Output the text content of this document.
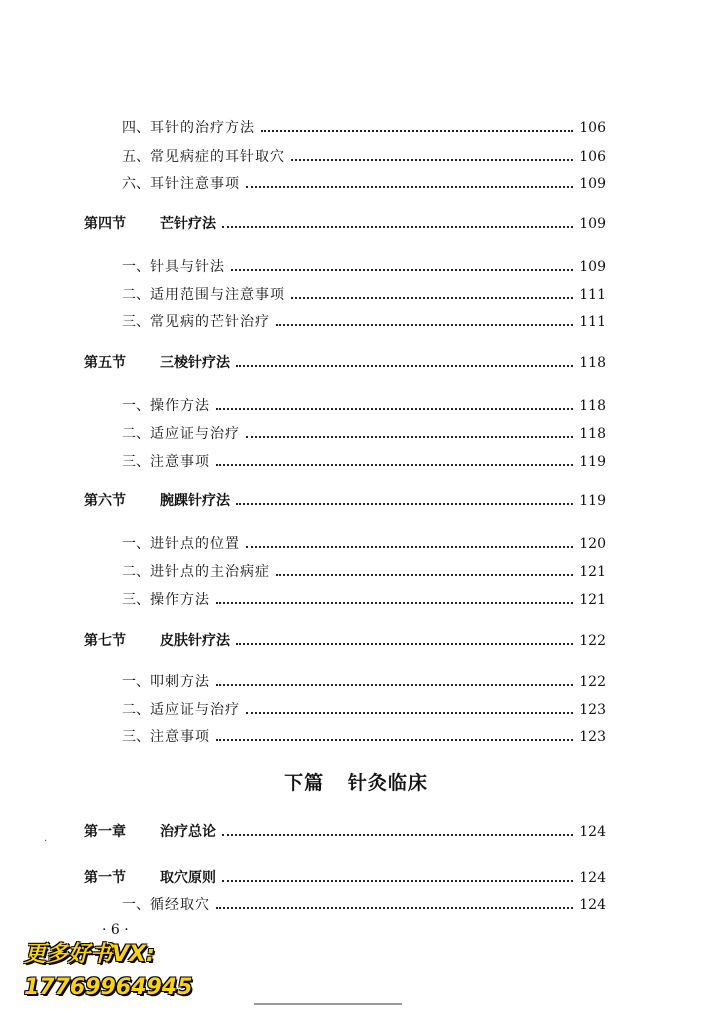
四、 耳针的治疗方法	106
五、 常见病症的耳针取穴	106
六、 耳针注意事项	109
第四节	芒针疗法	109
一、 针具与针法	109
二、 适用范围与注意事项	111
三、 常见病的芒针治疗	111
第五节	三棱针疗法	118
一、 操作方法	118
二、 适应证与治疗	118
三、 注意事项	119
第六节	腕踝针疗法	119
一、 进针点的位置	120
二、 进针点的主治病症	121
三、 操作方法	121
第七节	皮肤针疗法	122
一、 叩刺方法	122
二、 适应证与治疗	123
三、 注意事项	123
下篇 针灸临床
第一章	治疗总论	124
第一节	取穴原则	124
一、 循经取穴	124
·
· 6 ·
更多好书VX:
17769964945
